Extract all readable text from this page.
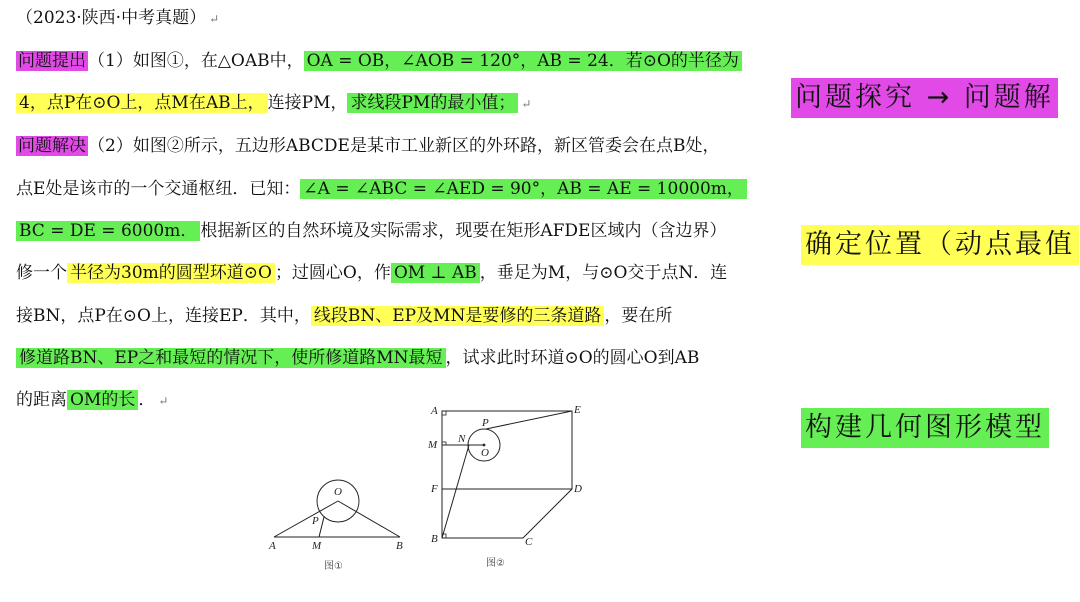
（2023·陕西·中考真题） ↵
问题提出 （1）如图①，在△OAB中， OA = OB，∠AOB = 120°，AB = 24．若⊙O的半径为
4，点P在⊙O上，点M在AB上， 连接PM， 求线段PM的最小值； ↵
问题解决 （2）如图②所示，五边形ABCDE是某市工业新区的外环路，新区管委会在点B处，
点E处是该市的一个交通枢纽．已知： ∠A = ∠ABC = ∠AED = 90°，AB = AE = 10000m，
BC = DE = 6000m． 根据新区的自然环境及实际需求，现要在矩形AFDE区域内（含边界）
修一个 半径为30m的圆型环道⊙O ；过圆心O，作 OM ⊥ AB ，垂足为M，与⊙O交于点N．连
接BN，点P在⊙O上，连接EP．其中， 线段BN、EP及MN是要修的三条道路 ，要在所
修道路BN、EP之和最短的情况下，使所修道路MN最短 ，试求此时环道⊙O的圆心O到AB
的距离 OM的长 ． ↵
问题探究 → 问题解
确定位置（动点最值
构建几何图形模型
O
P
A	M	B
图①
A	E
P
M N
O
F	D
B	C
图②
